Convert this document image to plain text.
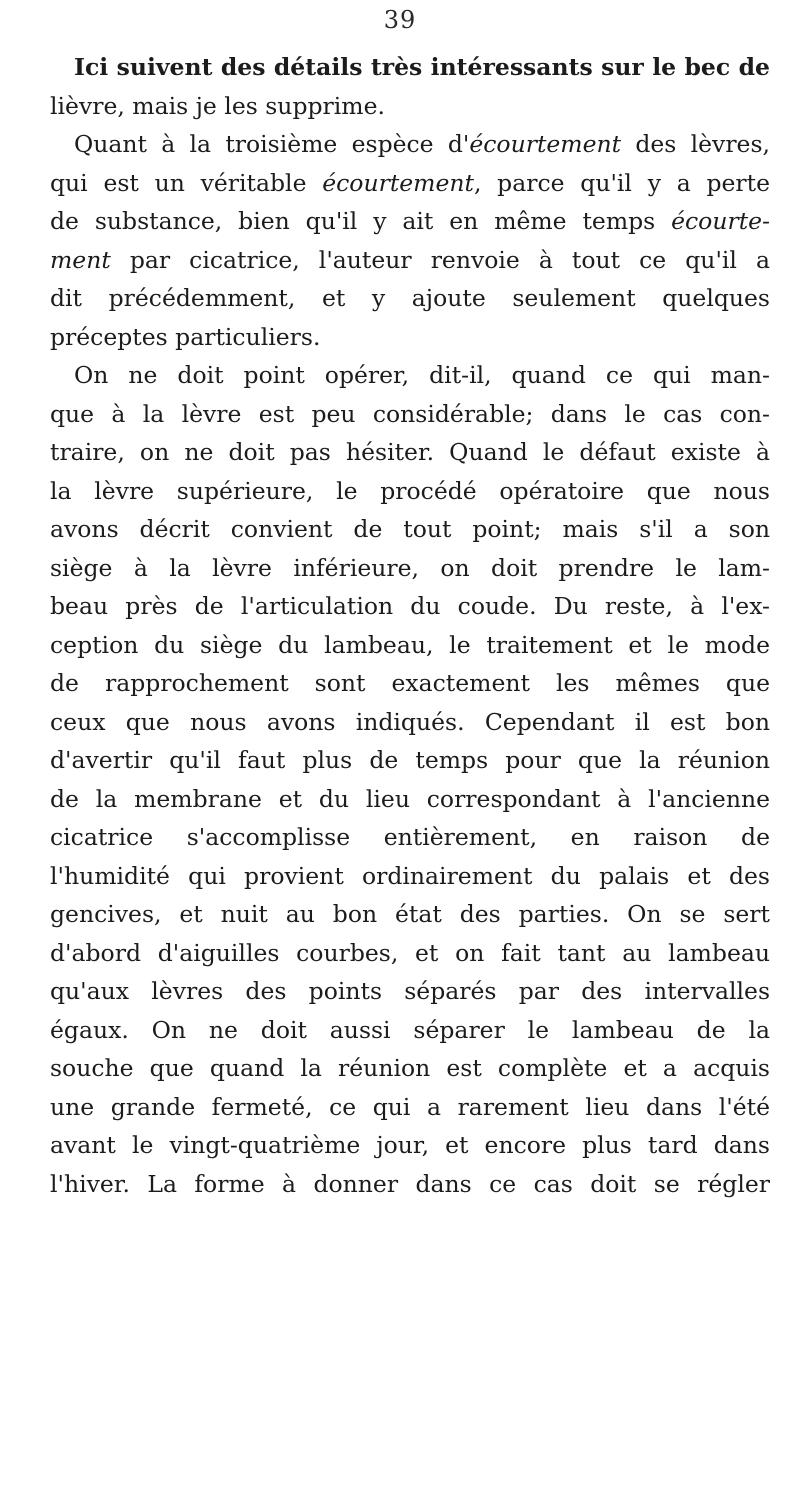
39
Ici suivent des détails très intéressants sur le bec de
lièvre, mais je les supprime.
Quant à la troisième espèce d'écourtement des lèvres,
qui est un véritable écourtement, parce qu'il y a perte
de substance, bien qu'il y ait en même temps écourte-
ment par cicatrice, l'auteur renvoie à tout ce qu'il a
dit précédemment, et y ajoute seulement quelques
préceptes particuliers.
On ne doit point opérer, dit-il, quand ce qui man-
que à la lèvre est peu considérable; dans le cas con-
traire, on ne doit pas hésiter. Quand le défaut existe à
la lèvre supérieure, le procédé opératoire que nous
avons décrit convient de tout point; mais s'il a son
siège à la lèvre inférieure, on doit prendre le lam-
beau près de l'articulation du coude. Du reste, à l'ex-
ception du siège du lambeau, le traitement et le mode
de rapprochement sont exactement les mêmes que
ceux que nous avons indiqués. Cependant il est bon
d'avertir qu'il faut plus de temps pour que la réunion
de la membrane et du lieu correspondant à l'ancienne
cicatrice s'accomplisse entièrement, en raison de
l'humidité qui provient ordinairement du palais et des
gencives, et nuit au bon état des parties. On se sert
d'abord d'aiguilles courbes, et on fait tant au lambeau
qu'aux lèvres des points séparés par des intervalles
égaux. On ne doit aussi séparer le lambeau de la
souche que quand la réunion est complète et a acquis
une grande fermeté, ce qui a rarement lieu dans l'été
avant le vingt-quatrième jour, et encore plus tard dans
l'hiver. La forme à donner dans ce cas doit se régler
